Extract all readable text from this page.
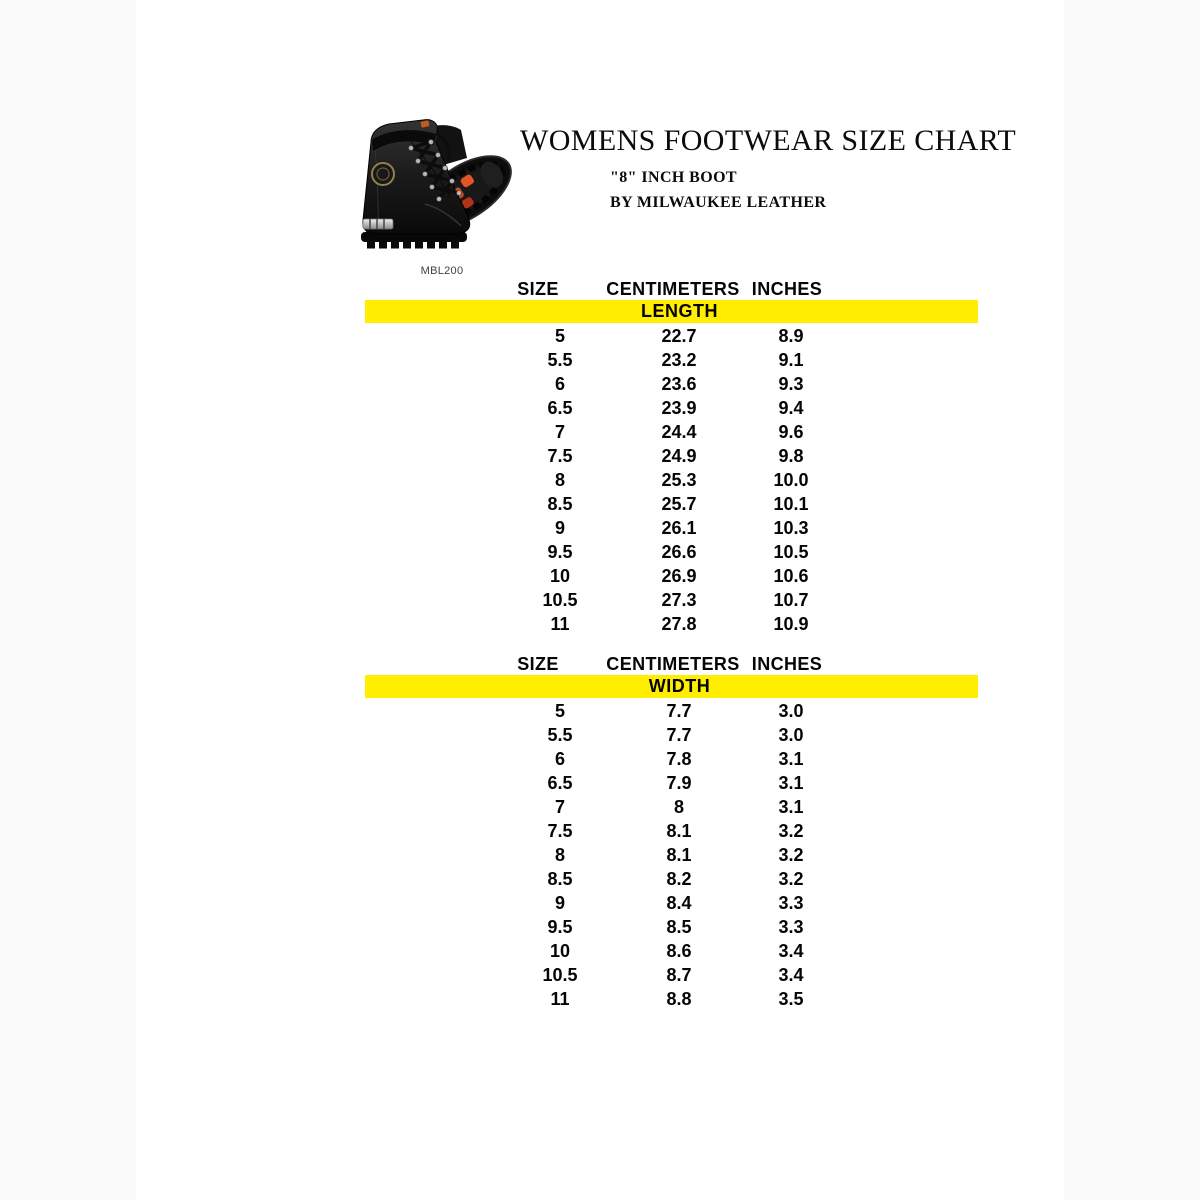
MBL200
WOMENS FOOTWEAR SIZE CHART
"8" INCH BOOT
BY MILWAUKEE LEATHER
SIZE	CENTIMETERS INCHES
LENGTH
5	22.7	8.9
5.5	23.2	9.1
6	23.6	9.3
6.5	23.9	9.4
7	24.4	9.6
7.5	24.9	9.8
8	25.3	10.0
8.5	25.7	10.1
9	26.1	10.3
9.5	26.6	10.5
10	26.9	10.6
10.5	27.3	10.7
11	27.8	10.9
SIZE	CENTIMETERS INCHES
WIDTH
5	7.7	3.0
5.5	7.7	3.0
6	7.8	3.1
6.5	7.9	3.1
7	8	3.1
7.5	8.1	3.2
8	8.1	3.2
8.5	8.2	3.2
9	8.4	3.3
9.5	8.5	3.3
10	8.6	3.4
10.5	8.7	3.4
11	8.8	3.5
